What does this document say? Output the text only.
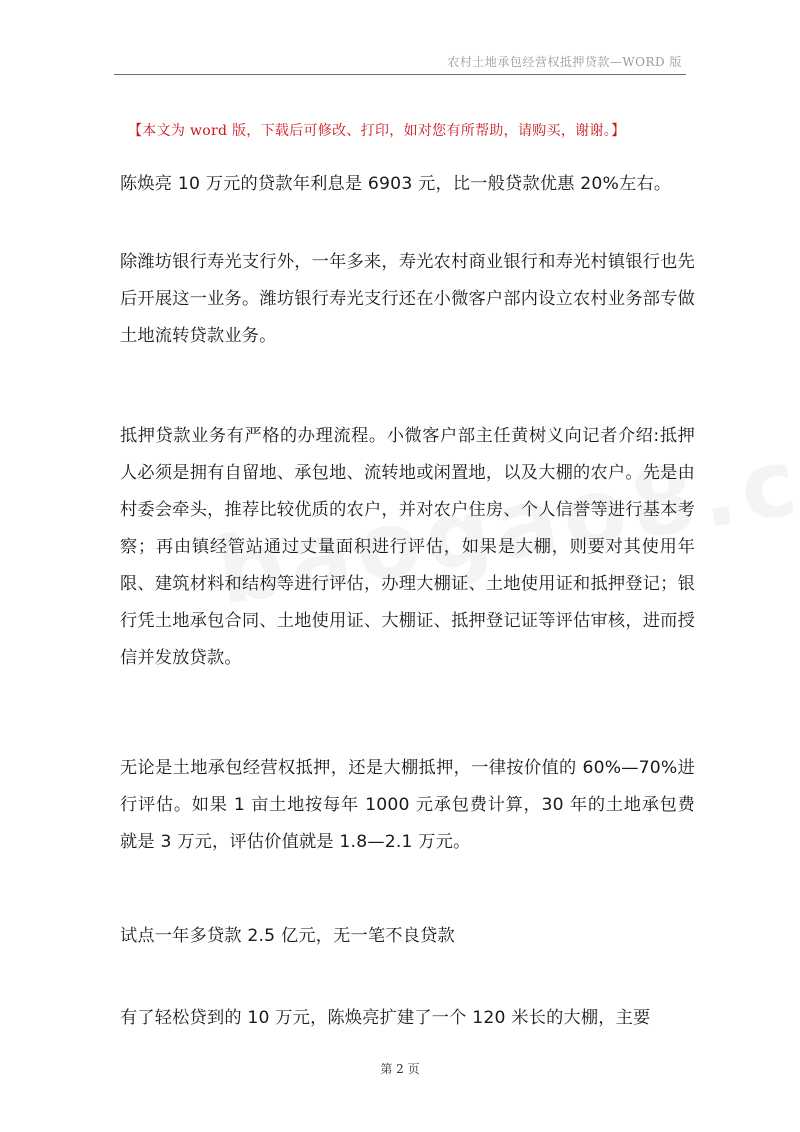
农村土地承包经营权抵押贷款—WORD 版
【本文为 word 版，下载后可修改、打印，如对您有所帮助，请购买，谢谢。】

陈焕亮 10 万元的贷款年利息是 6903 元，比一般贷款优惠 20%左右。

除潍坊银行寿光支行外，一年多来，寿光农村商业银行和寿光村镇银行也先后开展这一业务。潍坊银行寿光支行还在小微客户部内设立农村业务部专做土地流转贷款业务。

抵押贷款业务有严格的办理流程。小微客户部主任黄树义向记者介绍:抵押人必须是拥有自留地、承包地、流转地或闲置地，以及大棚的农户。先是由村委会牵头，推荐比较优质的农户，并对农户住房、个人信誉等进行基本考察；再由镇经管站通过丈量面积进行评估，如果是大棚，则要对其使用年限、建筑材料和结构等进行评估，办理大棚证、土地使用证和抵押登记；银行凭土地承包合同、土地使用证、大棚证、抵押登记证等评估审核，进而授信并发放贷款。

无论是土地承包经营权抵押，还是大棚抵押，一律按价值的 60%—70%进行评估。如果 1 亩土地按每年 1000 元承包费计算，30 年的土地承包费就是 3 万元，评估价值就是 1.8—2.1 万元。

试点一年多贷款 2.5 亿元，无一笔不良贷款

有了轻松贷到的 10 万元，陈焕亮扩建了一个 120 米长的大棚，主要

第 2 页
